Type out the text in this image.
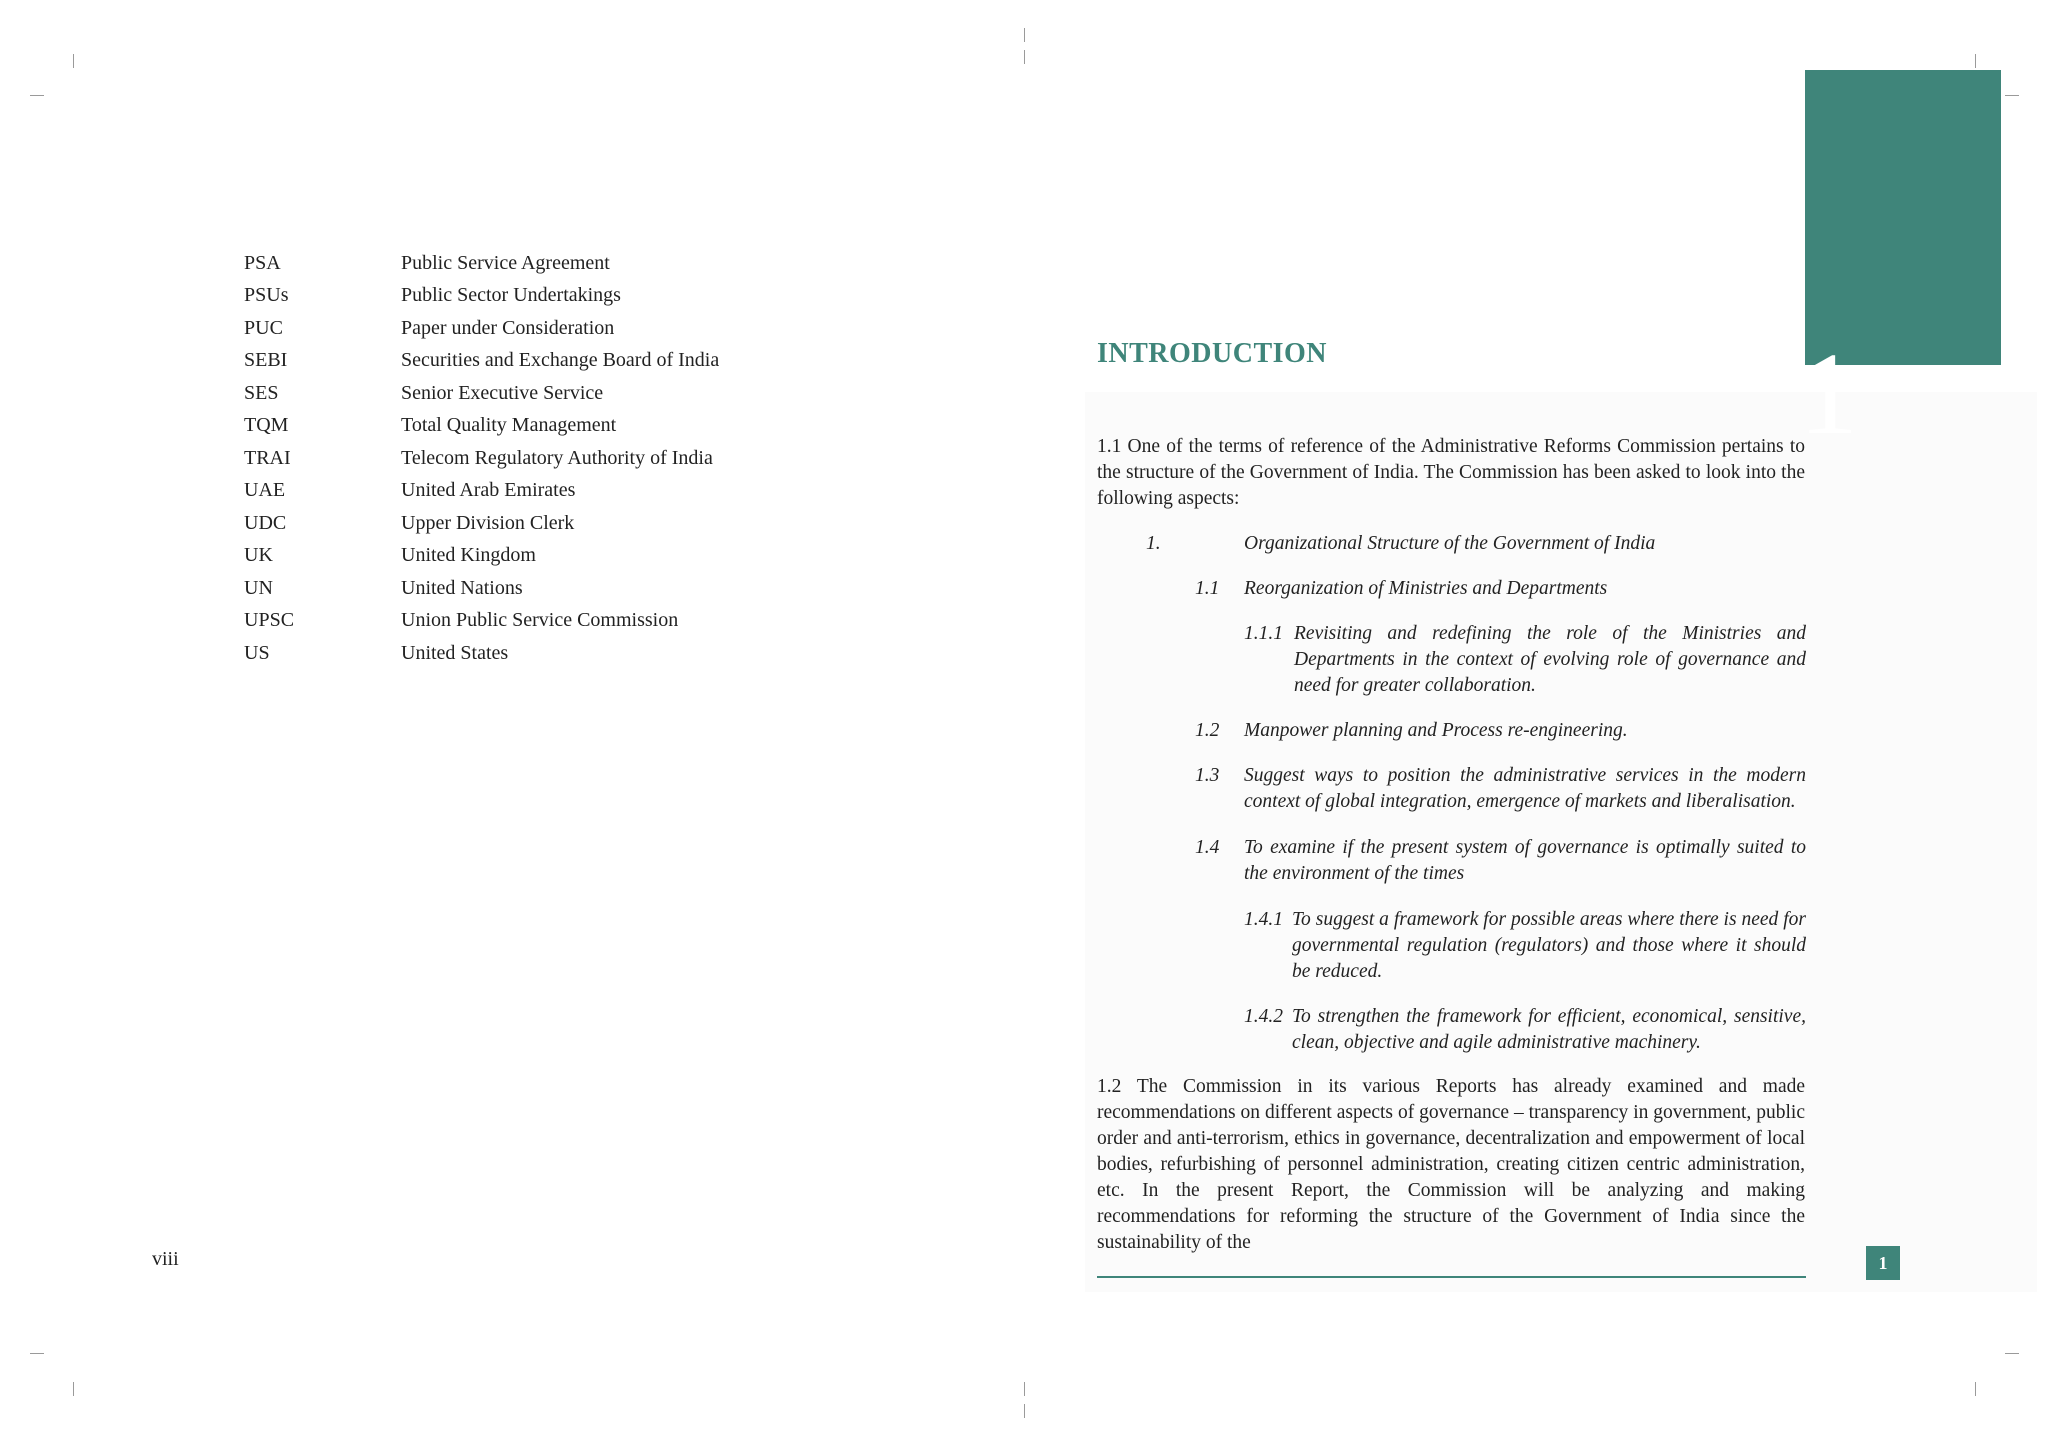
PSA	Public Service Agreement
PSUs	Public Sector Undertakings
PUC	Paper under Consideration
SEBI	Securities and Exchange Board of India
SES	Senior Executive Service
TQM	Total Quality Management
TRAI	Telecom Regulatory Authority of India
UAE	United Arab Emirates
UDC	Upper Division Clerk
UK	United Kingdom
UN	United Nations
UPSC	Union Public Service Commission
US	United States
viii
1
INTRODUCTION
1.1 One of the terms of reference of the Administrative Reforms Commission pertains to the structure of the Government of India. The Commission has been asked to look into the following aspects:
1.	Organizational Structure of the Government of India
1.1	Reorganization of Ministries and Departments
1.1.1 Revisiting and redefining the role of the Ministries and Departments in the context of evolving role of governance and need for greater collaboration.
1.2	Manpower planning and Process re-engineering.
1.3	Suggest ways to position the administrative services in the modern context of global integration, emergence of markets and liberalisation.
1.4	To examine if the present system of governance is optimally suited to the environment of the times
1.4.1 To suggest a framework for possible areas where there is need for governmental regulation (regulators) and those where it should be reduced.
1.4.2 To strengthen the framework for efficient, economical, sensitive, clean, objective and agile administrative machinery.
1.2 The Commission in its various Reports has already examined and made recommendations on different aspects of governance – transparency in government, public order and anti-terrorism, ethics in governance, decentralization and empowerment of local bodies, refurbishing of personnel administration, creating citizen centric administration, etc. In the present Report, the Commission will be analyzing and making recommendations for reforming the structure of the Government of India since the sustainability of the
1
